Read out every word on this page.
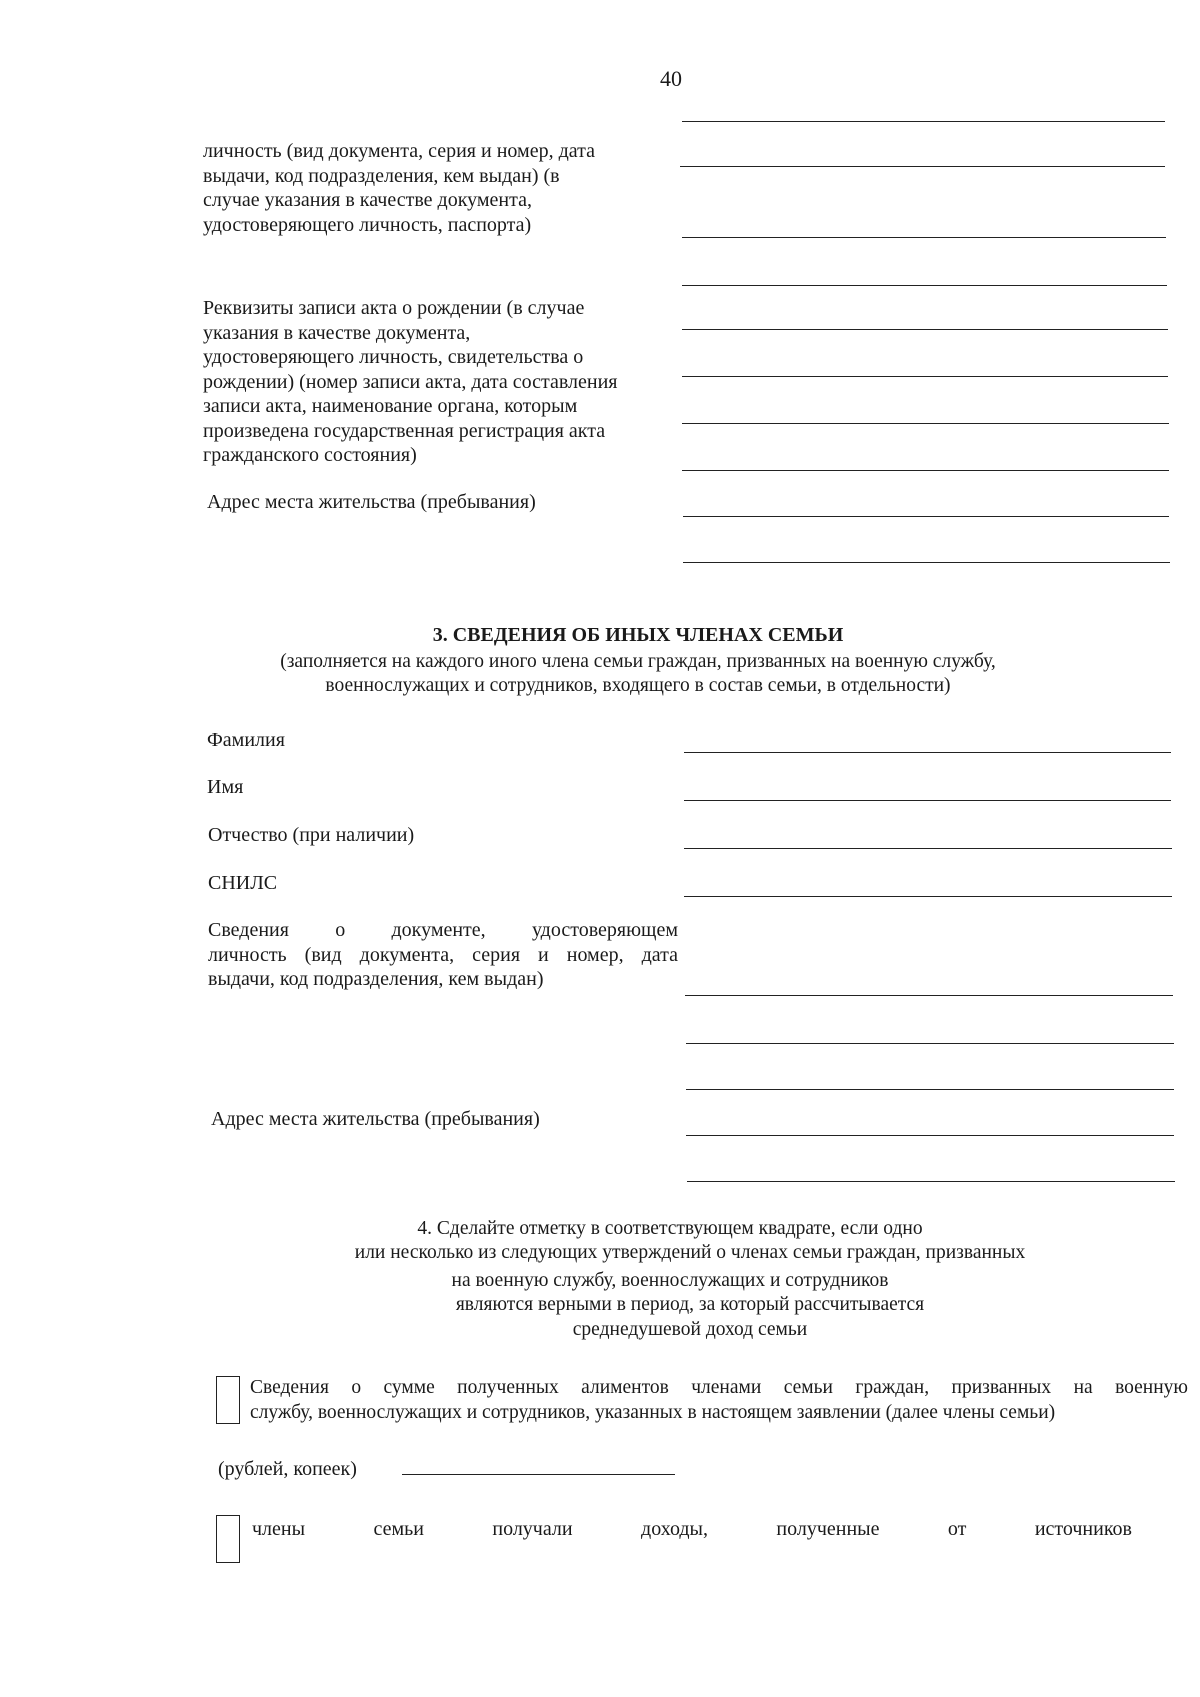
40
личность (вид документа, серия и номер, дата
выдачи, код подразделения, кем выдан) (в
случае указания в качестве документа,
удостоверяющего личность, паспорта)
Реквизиты записи акта о рождении (в случае
указания в качестве документа,
удостоверяющего личность, свидетельства о
рождении) (номер записи акта, дата составления
записи акта, наименование органа, которым
произведена государственная регистрация акта
гражданского состояния)
Адрес места жительства (пребывания)
3. СВЕДЕНИЯ ОБ ИНЫХ ЧЛЕНАХ СЕМЬИ
(заполняется на каждого иного члена семьи граждан, призванных на военную службу,
военнослужащих и сотрудников, входящего в состав семьи, в отдельности)
Фамилия
Имя
Отчество (при наличии)
СНИЛС
Сведения о документе, удостоверяющем
личность (вид документа, серия и номер, дата
выдачи, код подразделения, кем выдан)
Адрес места жительства (пребывания)
4. Сделайте отметку в соответствующем квадрате, если одно
или несколько из следующих утверждений о членах семьи граждан, призванных
на военную службу, военнослужащих и сотрудников
являются верными в период, за который рассчитывается
среднедушевой доход семьи
Сведения о сумме полученных алиментов членами семьи граждан, призванных на военную
службу, военнослужащих и сотрудников, указанных в настоящем заявлении (далее члены семьи)
(рублей, копеек)
члены	семьи	получали	доходы,	полученные	от	источников
